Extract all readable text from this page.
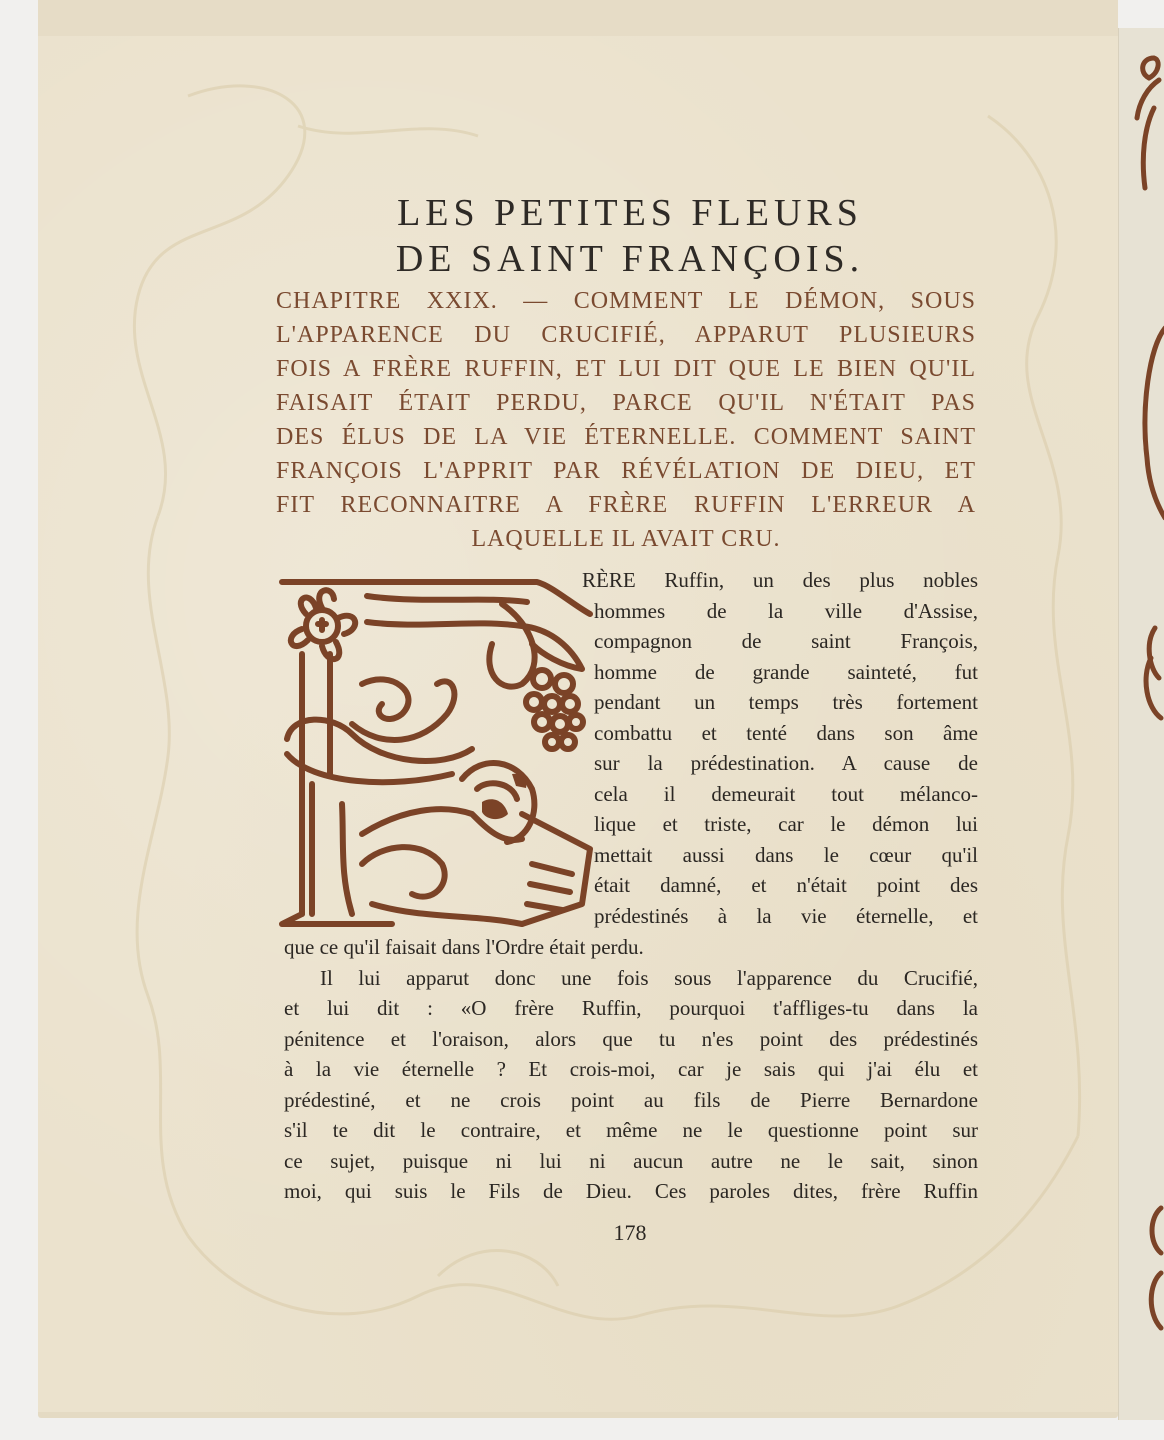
LES PETITES FLEURS
DE SAINT FRANÇOIS.
CHAPITRE XXIX. — COMMENT LE DÉMON, SOUS
L'APPARENCE DU CRUCIFIÉ, APPARUT PLUSIEURS
FOIS A FRÈRE RUFFIN, ET LUI DIT QUE LE BIEN QU'IL
FAISAIT ÉTAIT PERDU, PARCE QU'IL N'ÉTAIT PAS
DES ÉLUS DE LA VIE ÉTERNELLE. COMMENT SAINT
FRANÇOIS L'APPRIT PAR RÉVÉLATION DE DIEU, ET
FIT RECONNAITRE A FRÈRE RUFFIN L'ERREUR A
LAQUELLE IL AVAIT CRU.
RÈRE Ruffin, un des plus nobles
hommes de la ville d'Assise,
compagnon de saint François,
homme de grande sainteté, fut
pendant un temps très fortement
combattu et tenté dans son âme
sur la prédestination. A cause de
cela il demeurait tout mélanco-
lique et triste, car le démon lui
mettait aussi dans le cœur qu'il
était damné, et n'était point des
prédestinés à la vie éternelle, et
que ce qu'il faisait dans l'Ordre était perdu.
Il lui apparut donc une fois sous l'apparence du Crucifié,
et lui dit : «O frère Ruffin, pourquoi t'affliges-tu dans la
pénitence et l'oraison, alors que tu n'es point des prédestinés
à la vie éternelle ? Et crois-moi, car je sais qui j'ai élu et
prédestiné, et ne crois point au fils de Pierre Bernardone
s'il te dit le contraire, et même ne le questionne point sur
ce sujet, puisque ni lui ni aucun autre ne le sait, sinon
moi, qui suis le Fils de Dieu. Ces paroles dites, frère Ruffin
178
